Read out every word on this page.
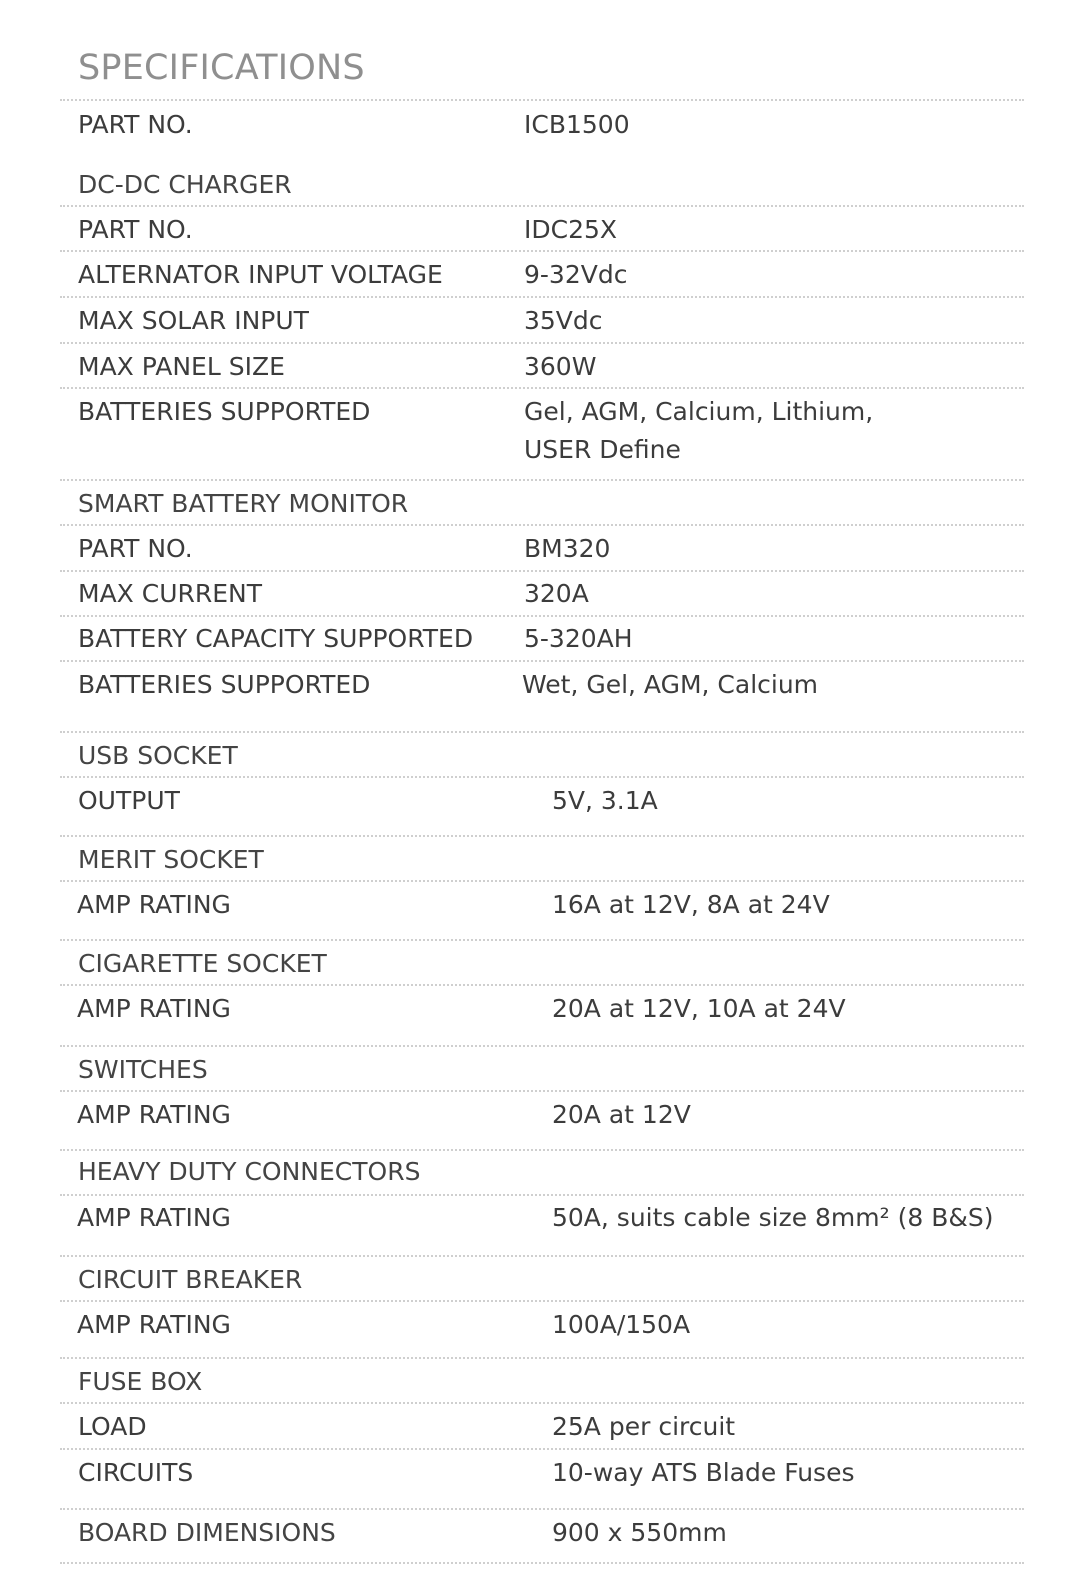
SPECIFICATIONS
PART NO.	ICB1500
DC-DC CHARGER
PART NO.	IDC25X
ALTERNATOR INPUT VOLTAGE	9-32Vdc
MAX SOLAR INPUT	35Vdc
MAX PANEL SIZE	360W
BATTERIES SUPPORTED	Gel, AGM, Calcium, Lithium,
USER Define
SMART BATTERY MONITOR
PART NO.	BM320
MAX CURRENT	320A
BATTERY CAPACITY SUPPORTED 5-320AH
BATTERIES SUPPORTED	Wet, Gel, AGM, Calcium
USB SOCKET
OUTPUT	5V, 3.1A
MERIT SOCKET
AMP RATING	16A at 12V, 8A at 24V
CIGARETTE SOCKET
AMP RATING	20A at 12V, 10A at 24V
SWITCHES
AMP RATING	20A at 12V
HEAVY DUTY CONNECTORS
AMP RATING	50A, suits cable size 8mm² (8 B&S)
CIRCUIT BREAKER
AMP RATING	100A/150A
FUSE BOX
LOAD	25A per circuit
CIRCUITS	10-way ATS Blade Fuses
BOARD DIMENSIONS	900 x 550mm
